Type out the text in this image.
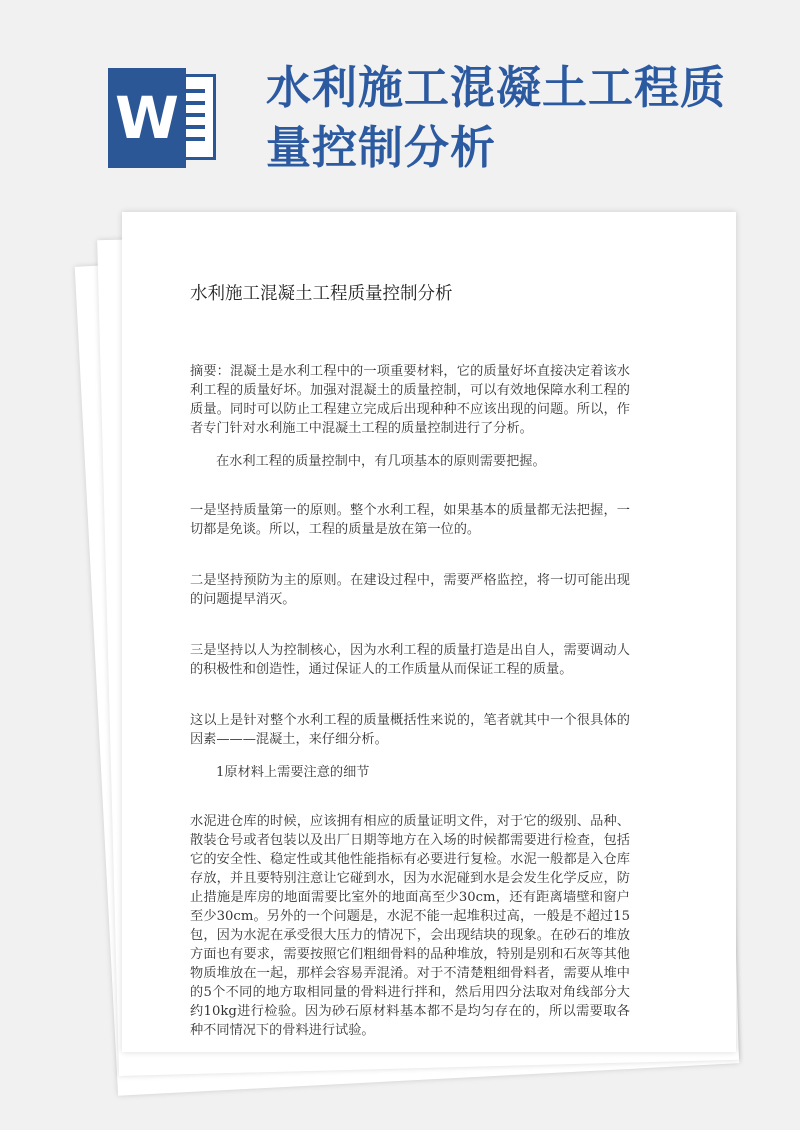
W 水利施工混凝土工程质量控制分析
水利施工混凝土工程质量控制分析

摘要：混凝土是水利工程中的一项重要材料，它的质量好坏直接决定着该水利工程的质量好坏。加强对混凝土的质量控制，可以有效地保障水利工程的质量。同时可以防止工程建立完成后出现种种不应该出现的问题。所以，作者专门针对水利施工中混凝土工程的质量控制进行了分析。

在水利工程的质量控制中，有几项基本的原则需要把握。

一是坚持质量第一的原则。整个水利工程，如果基本的质量都无法把握，一切都是免谈。所以，工程的质量是放在第一位的。

二是坚持预防为主的原则。在建设过程中，需要严格监控，将一切可能出现的问题提早消灭。

三是坚持以人为控制核心，因为水利工程的质量打造是出自人，需要调动人的积极性和创造性，通过保证人的工作质量从而保证工程的质量。

这以上是针对整个水利工程的质量概括性来说的，笔者就其中一个很具体的因素———混凝土，来仔细分析。

1原材料上需要注意的细节

水泥进仓库的时候，应该拥有相应的质量证明文件，对于它的级别、品种、散装仓号或者包装以及出厂日期等地方在入场的时候都需要进行检查，包括它的安全性、稳定性或其他性能指标有必要进行复检。水泥一般都是入仓库存放，并且要特别注意让它碰到水，因为水泥碰到水是会发生化学反应，防止措施是库房的地面需要比室外的地面高至少30cm，还有距离墙壁和窗户至少30cm。另外的一个问题是，水泥不能一起堆积过高，一般是不超过15包，因为水泥在承受很大压力的情况下，会出现结块的现象。在砂石的堆放方面也有要求，需要按照它们粗细骨料的品种堆放，特别是别和石灰等其他物质堆放在一起，那样会容易弄混淆。对于不清楚粗细骨料者，需要从堆中的5个不同的地方取相同量的骨料进行拌和，然后用四分法取对角线部分大约10kg进行检验。因为砂石原材料基本都不是均匀存在的，所以需要取各种不同情况下的骨料进行试验。
